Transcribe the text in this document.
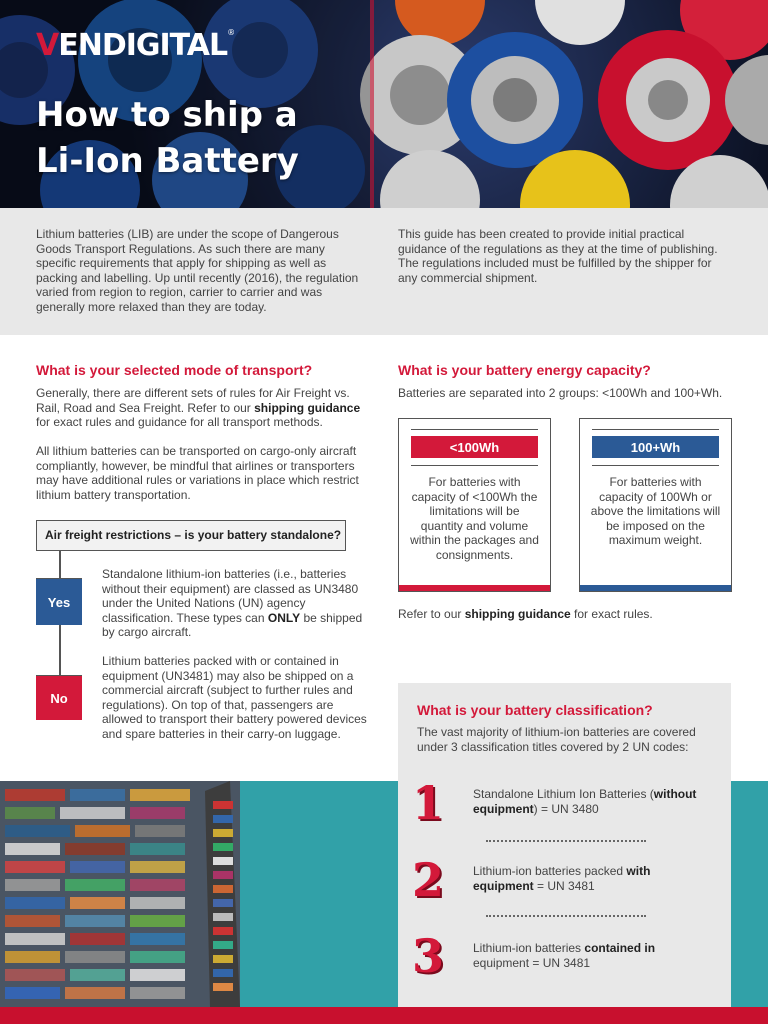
VENDIGITAL®
How to ship a
Li-Ion Battery

Lithium batteries (LIB) are under the scope of Dangerous Goods Transport Regulations. As such there are many specific requirements that apply for shipping as well as packing and labelling. Up until recently (2016), the regulation varied from region to region, carrier to carrier and was generally more relaxed than they are today.

This guide has been created to provide initial practical guidance of the regulations as they at the time of publishing. The regulations included must be fulfilled by the shipper for any commercial shipment.

What is your selected mode of transport?
Generally, there are different sets of rules for Air Freight vs. Rail, Road and Sea Freight. Refer to our shipping guidance for exact rules and guidance for all transport methods.
All lithium batteries can be transported on cargo-only aircraft compliantly, however, be mindful that airlines or transporters may have additional rules or variations in place which restrict lithium battery transportation.
Air freight restrictions – is your battery standalone?
Yes
No
Standalone lithium-ion batteries (i.e., batteries without their equipment) are classed as UN3480 under the United Nations (UN) agency classification. These types can ONLY be shipped by cargo aircraft.
Lithium batteries packed with or contained in equipment (UN3481) may also be shipped on a commercial aircraft (subject to further rules and regulations). On top of that, passengers are allowed to transport their battery powered devices and spare batteries in their carry-on luggage.
What is your battery energy capacity?
Batteries are separated into 2 groups: <100Wh and 100+Wh.
<100Wh
For batteries with capacity of <100Wh the limitations will be quantity and volume within the packages and consignments.
100+Wh
For batteries with capacity of 100Wh or above the limitations will be imposed on the maximum weight.
Refer to our shipping guidance for exact rules.
What is your battery classification?
The vast majority of lithium-ion batteries are covered under 3 classification titles covered by 2 UN codes:
1 Standalone Lithium Ion Batteries (without equipment) = UN 3480
2 Lithium-ion batteries packed with equipment = UN 3481
3 Lithium-ion batteries contained in equipment = UN 3481
